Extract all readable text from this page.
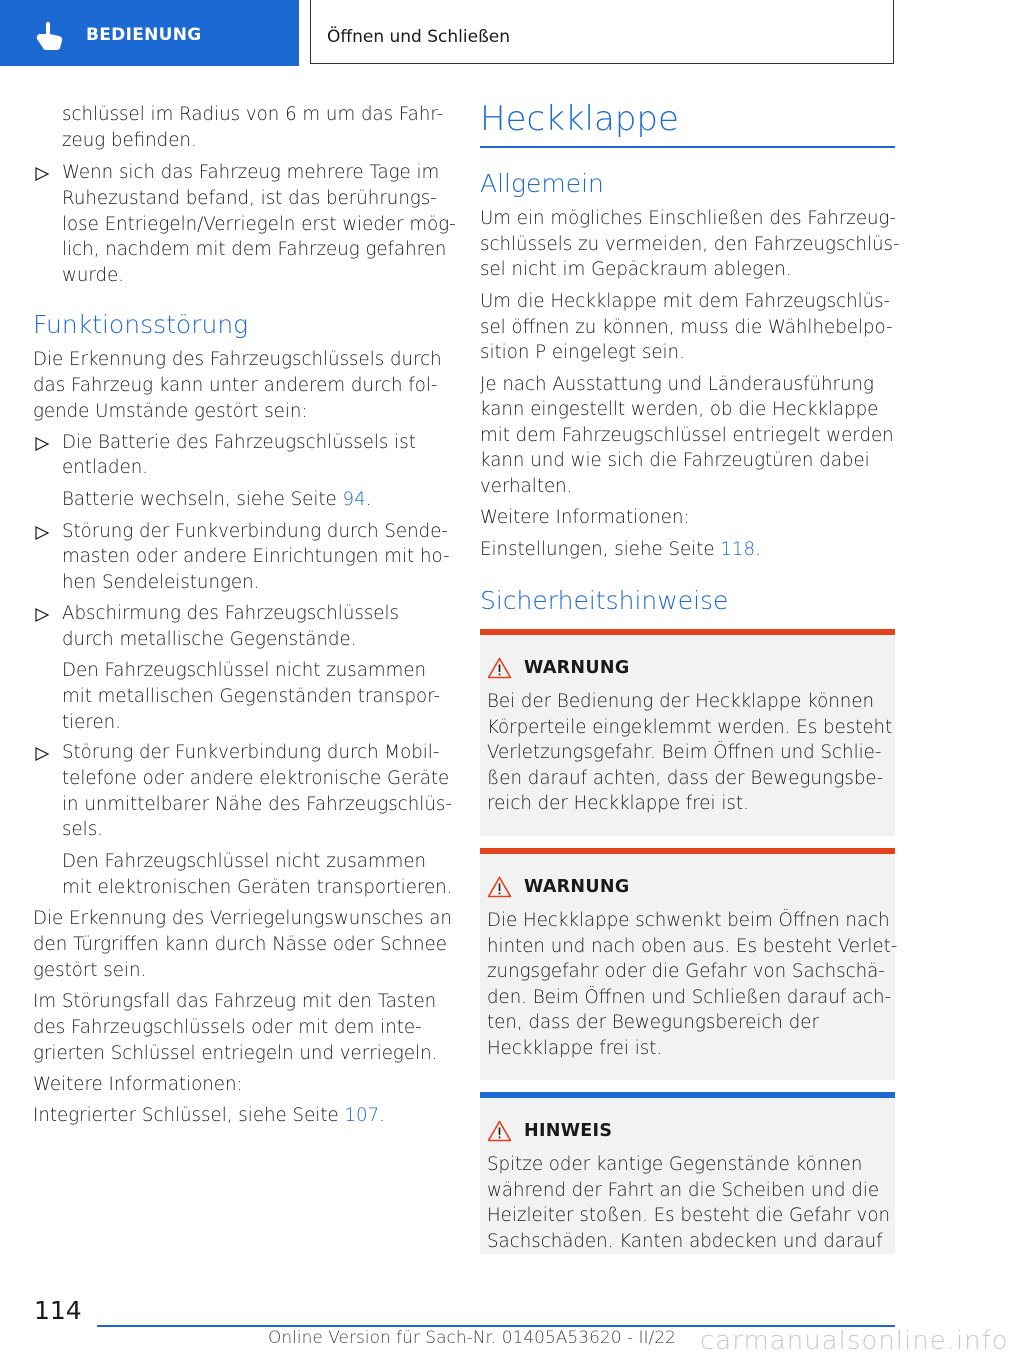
BEDIENUNG	Öffnen und Schließen
schlüssel im Radius von 6 m um das Fahr-
zeug befinden.
Wenn sich das Fahrzeug mehrere Tage im
Ruhezustand befand, ist das berührungs-
lose Entriegeln/Verriegeln erst wieder mög-
lich, nachdem mit dem Fahrzeug gefahren
wurde.
Funktionsstörung
Die Erkennung des Fahrzeugschlüssels durch
das Fahrzeug kann unter anderem durch fol-
gende Umstände gestört sein:
Die Batterie des Fahrzeugschlüssels ist
entladen.
Batterie wechseln, siehe Seite 94.
Störung der Funkverbindung durch Sende-
masten oder andere Einrichtungen mit ho-
hen Sendeleistungen.
Abschirmung des Fahrzeugschlüssels
durch metallische Gegenstände.
Den Fahrzeugschlüssel nicht zusammen
mit metallischen Gegenständen transpor-
tieren.
Störung der Funkverbindung durch Mobil-
telefone oder andere elektronische Geräte
in unmittelbarer Nähe des Fahrzeugschlüs-
sels.
Den Fahrzeugschlüssel nicht zusammen
mit elektronischen Geräten transportieren.
Die Erkennung des Verriegelungswunsches an
den Türgriffen kann durch Nässe oder Schnee
gestört sein.
Im Störungsfall das Fahrzeug mit den Tasten
des Fahrzeugschlüssels oder mit dem inte-
grierten Schlüssel entriegeln und verriegeln.
Weitere Informationen:
Integrierter Schlüssel, siehe Seite 107.
Heckklappe
Allgemein
Um ein mögliches Einschließen des Fahrzeug-
schlüssels zu vermeiden, den Fahrzeugschlüs-
sel nicht im Gepäckraum ablegen.
Um die Heckklappe mit dem Fahrzeugschlüs-
sel öffnen zu können, muss die Wählhebelpo-
sition P eingelegt sein.
Je nach Ausstattung und Länderausführung
kann eingestellt werden, ob die Heckklappe
mit dem Fahrzeugschlüssel entriegelt werden
kann und wie sich die Fahrzeugtüren dabei
verhalten.
Weitere Informationen:
Einstellungen, siehe Seite 118.
Sicherheitshinweise
WARNUNG
Bei der Bedienung der Heckklappe können
Körperteile eingeklemmt werden. Es besteht
Verletzungsgefahr. Beim Öffnen und Schlie-
ßen darauf achten, dass der Bewegungsbe-
reich der Heckklappe frei ist.
WARNUNG
Die Heckklappe schwenkt beim Öffnen nach
hinten und nach oben aus. Es besteht Verlet-
zungsgefahr oder die Gefahr von Sachschä-
den. Beim Öffnen und Schließen darauf ach-
ten, dass der Bewegungsbereich der
Heckklappe frei ist.
HINWEIS
Spitze oder kantige Gegenstände können
während der Fahrt an die Scheiben und die
Heizleiter stoßen. Es besteht die Gefahr von
Sachschäden. Kanten abdecken und darauf
114
Online Version für Sach-Nr. 01405A53620 - II/22 carmanualsonline.info
